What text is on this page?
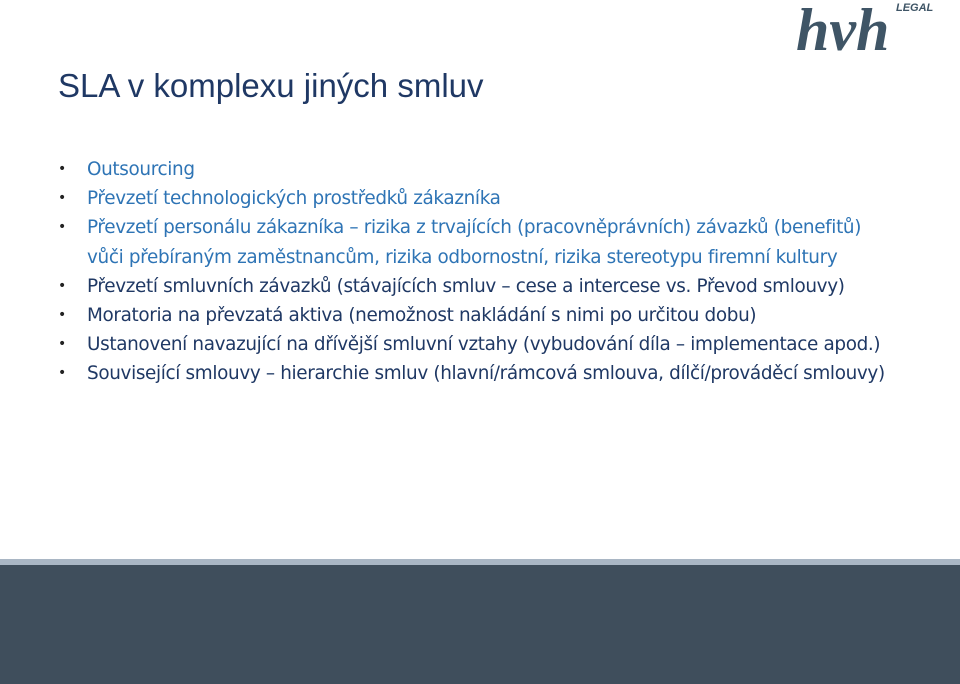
hvh LEGAL
SLA v komplexu jiných smluv
• Outsourcing
• Převzetí technologických prostředků zákazníka
• Převzetí personálu zákazníka – rizika z trvajících (pracovněprávních) závazků (benefitů) vůči přebíraným zaměstnancům, rizika odbornostní, rizika stereotypu firemní kultury
• Převzetí smluvních závazků (stávajících smluv – cese a intercese vs. Převod smlouvy)
• Moratoria na převzatá aktiva (nemožnost nakládání s nimi po určitou dobu)
• Ustanovení navazující na dřívější smluvní vztahy (vybudování díla – implementace apod.)
• Související smlouvy – hierarchie smluv (hlavní/rámcová smlouva, dílčí/prováděcí smlouvy)
